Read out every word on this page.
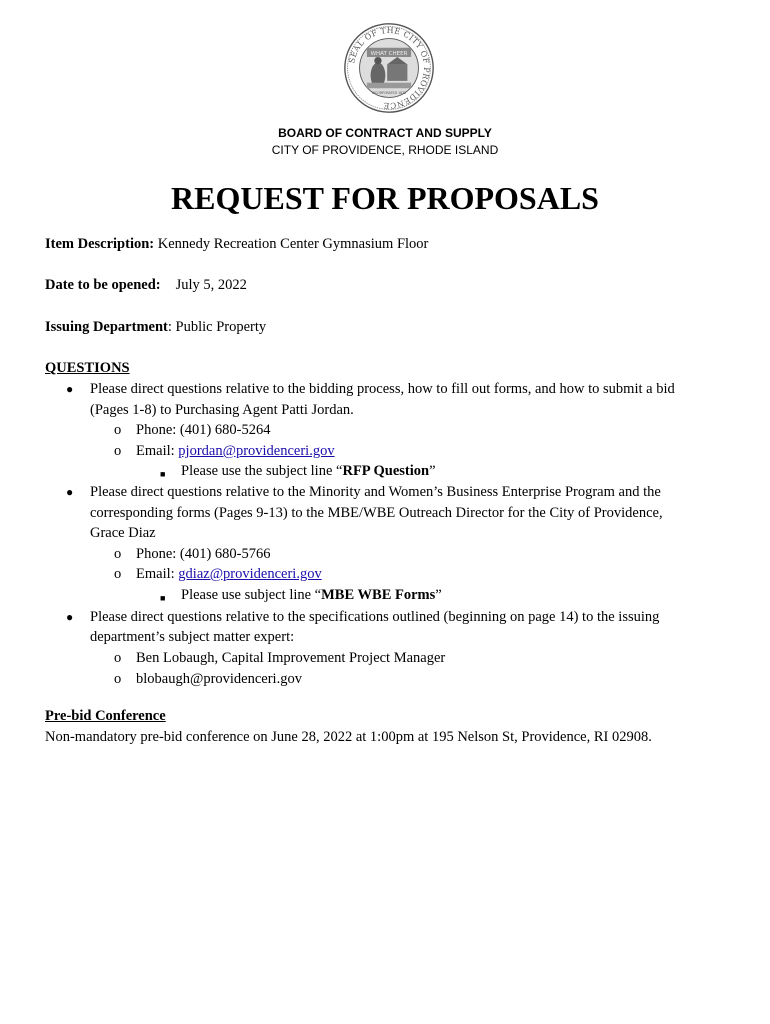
SEAL OF THE CITY OF PROVIDENCE
WHAT CHEER
INCORPORATED 1832
BOARD OF CONTRACT AND SUPPLY
CITY OF PROVIDENCE, RHODE ISLAND
REQUEST FOR PROPOSALS
Item Description: Kennedy Recreation Center Gymnasium Floor
Date to be opened: July 5, 2022
Issuing Department: Public Property
QUESTIONS
● Please direct questions relative to the bidding process, how to fill out forms, and how to submit a bid
(Pages 1-8) to Purchasing Agent Patti Jordan.
o Phone: (401) 680-5264
o Email: pjordan@providenceri.gov
■ Please use the subject line “RFP Question”
● Please direct questions relative to the Minority and Women’s Business Enterprise Program and the
corresponding forms (Pages 9-13) to the MBE/WBE Outreach Director for the City of Providence,
Grace Diaz
o Phone: (401) 680-5766
o Email: gdiaz@providenceri.gov
■ Please use subject line “MBE WBE Forms”
● Please direct questions relative to the specifications outlined (beginning on page 14) to the issuing
department’s subject matter expert:
o Ben Lobaugh, Capital Improvement Project Manager
o blobaugh@providenceri.gov
Pre-bid Conference
Non-mandatory pre-bid conference on June 28, 2022 at 1:00pm at 195 Nelson St, Providence, RI 02908.
